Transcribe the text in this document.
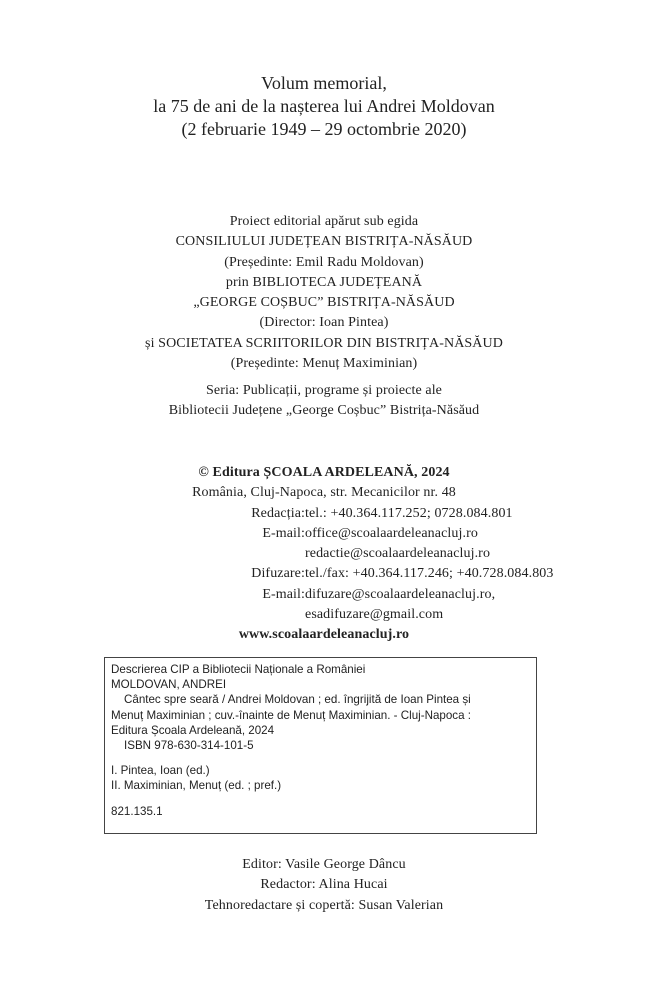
Volum memorial,
la 75 de ani de la nașterea lui Andrei Moldovan
(2 februarie 1949 – 29 octombrie 2020)
Proiect editorial apărut sub egida
CONSILIULUI JUDEȚEAN BISTRIȚA-NĂSĂUD
(Președinte: Emil Radu Moldovan)
prin BIBLIOTECA JUDEȚEANĂ
„GEORGE COȘBUC” BISTRIȚA-NĂSĂUD
(Director: Ioan Pintea)
și SOCIETATEA SCRIITORILOR DIN BISTRIȚA-NĂSĂUD
(Președinte: Menuț Maximinian)
Seria: Publicații, programe și proiecte ale
Bibliotecii Județene „George Coșbuc” Bistrița-Năsăud
© Editura ȘCOALA ARDELEANĂ, 2024
România, Cluj-Napoca, str. Mecanicilor nr. 48
Redacția: tel.: +40.364.117.252; 0728.084.801
E-mail: office@scoalaardeleanacluj.ro
redactie@scoalaardeleanacluj.ro
Difuzare: tel./fax: +40.364.117.246; +40.728.084.803
E-mail: difuzare@scoalaardeleanacluj.ro,
esadifuzare@gmail.com
www.scoalaardeleanacluj.ro
Descrierea CIP a Bibliotecii Naționale a României
MOLDOVAN, ANDREI
Cântec spre seară / Andrei Moldovan ; ed. îngrijită de Ioan Pintea și
Menuț Maximinian ; cuv.-înainte de Menuț Maximinian. - Cluj-Napoca :
Editura Școala Ardeleană, 2024
ISBN 978-630-314-101-5
I. Pintea, Ioan (ed.)
II. Maximinian, Menuț (ed. ; pref.)
821.135.1
Editor: Vasile George Dâncu
Redactor: Alina Hucai
Tehnoredactare și copertă: Susan Valerian
